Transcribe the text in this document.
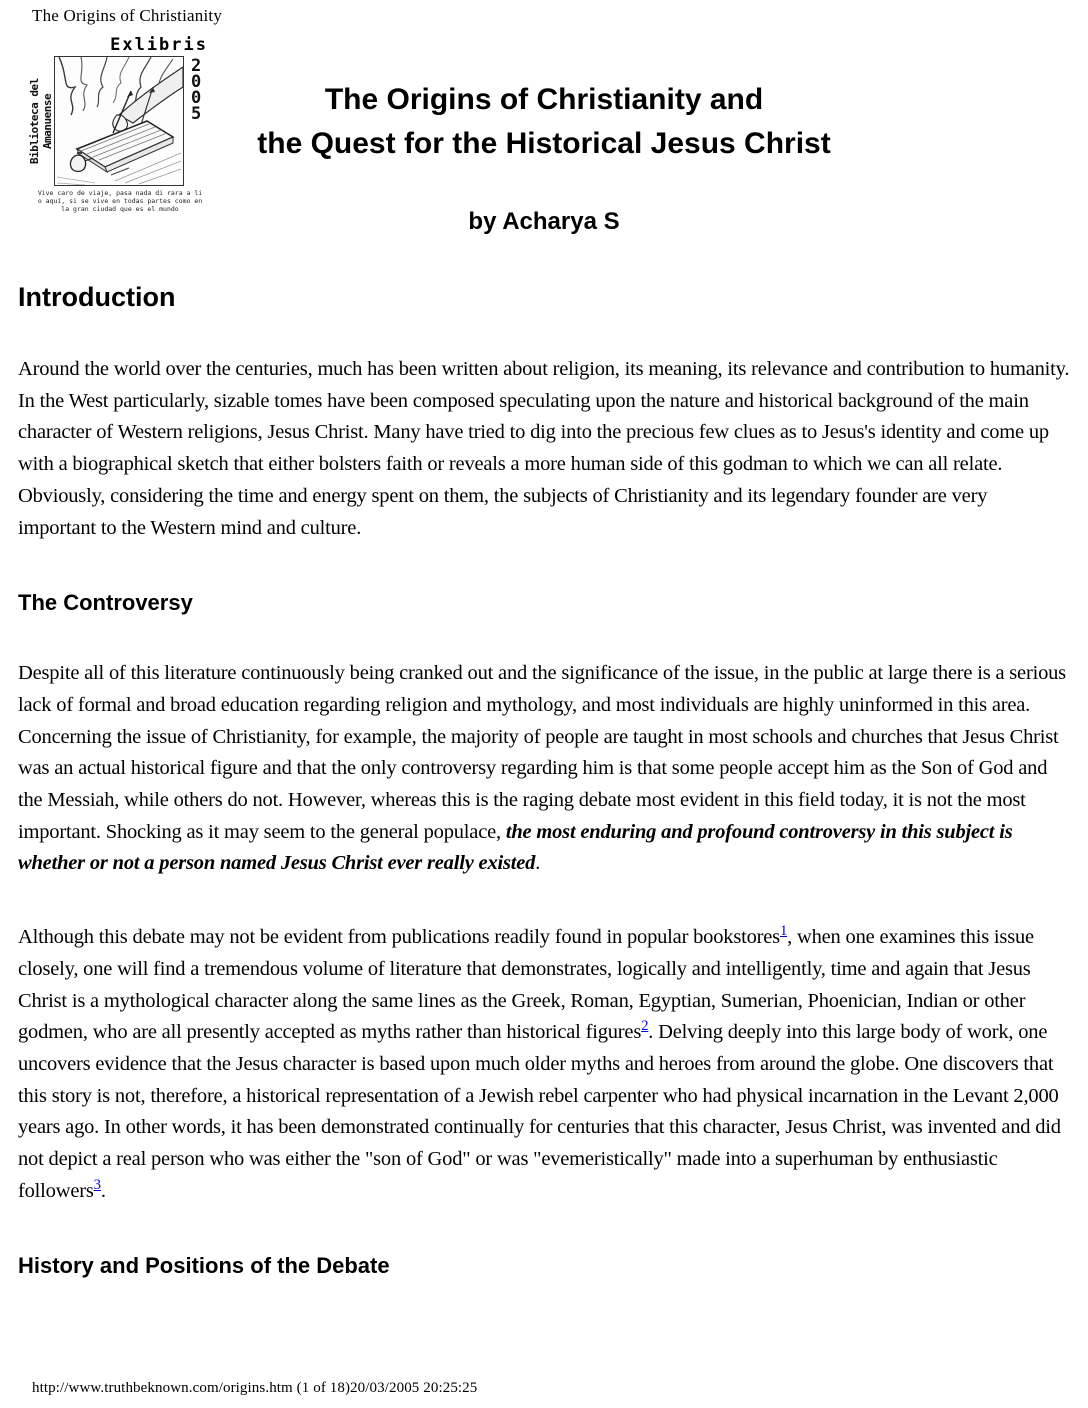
The Origins of Christianity
Exlibris
Biblioteca del Amanuense
2005
Vive caro de viaje, pasa nada di rara a li
o aquí, si se vive en todas partes como en
la gran ciudad que es el mundo
The Origins of Christianity and
the Quest for the Historical Jesus Christ
by Acharya S
Introduction

Around the world over the centuries, much has been written about religion, its meaning, its relevance and contribution to humanity. In the West particularly, sizable tomes have been composed speculating upon the nature and historical background of the main character of Western religions, Jesus Christ. Many have tried to dig into the precious few clues as to Jesus's identity and come up with a biographical sketch that either bolsters faith or reveals a more human side of this godman to which we can all relate. Obviously, considering the time and energy spent on them, the subjects of Christianity and its legendary founder are very important to the Western mind and culture.

The Controversy

Despite all of this literature continuously being cranked out and the significance of the issue, in the public at large there is a serious lack of formal and broad education regarding religion and mythology, and most individuals are highly uninformed in this area. Concerning the issue of Christianity, for example, the majority of people are taught in most schools and churches that Jesus Christ was an actual historical figure and that the only controversy regarding him is that some people accept him as the Son of God and the Messiah, while others do not. However, whereas this is the raging debate most evident in this field today, it is not the most important. Shocking as it may seem to the general populace, the most enduring and profound controversy in this subject is whether or not a person named Jesus Christ ever really existed.

Although this debate may not be evident from publications readily found in popular bookstores$^1$, when one examines this issue closely, one will find a tremendous volume of literature that demonstrates, logically and intelligently, time and again that Jesus Christ is a mythological character along the same lines as the Greek, Roman, Egyptian, Sumerian, Phoenician, Indian or other godmen, who are all presently accepted as myths rather than historical figures$^2$. Delving deeply into this large body of work, one uncovers evidence that the Jesus character is based upon much older myths and heroes from around the globe. One discovers that this story is not, therefore, a historical representation of a Jewish rebel carpenter who had physical incarnation in the Levant 2,000 years ago. In other words, it has been demonstrated continually for centuries that this character, Jesus Christ, was invented and did not depict a real person who was either the "son of God" or was "evemeristically" made into a superhuman by enthusiastic followers$^3$.

History and Positions of the Debate
http://www.truthbeknown.com/origins.htm (1 of 18)20/03/2005 20:25:25
